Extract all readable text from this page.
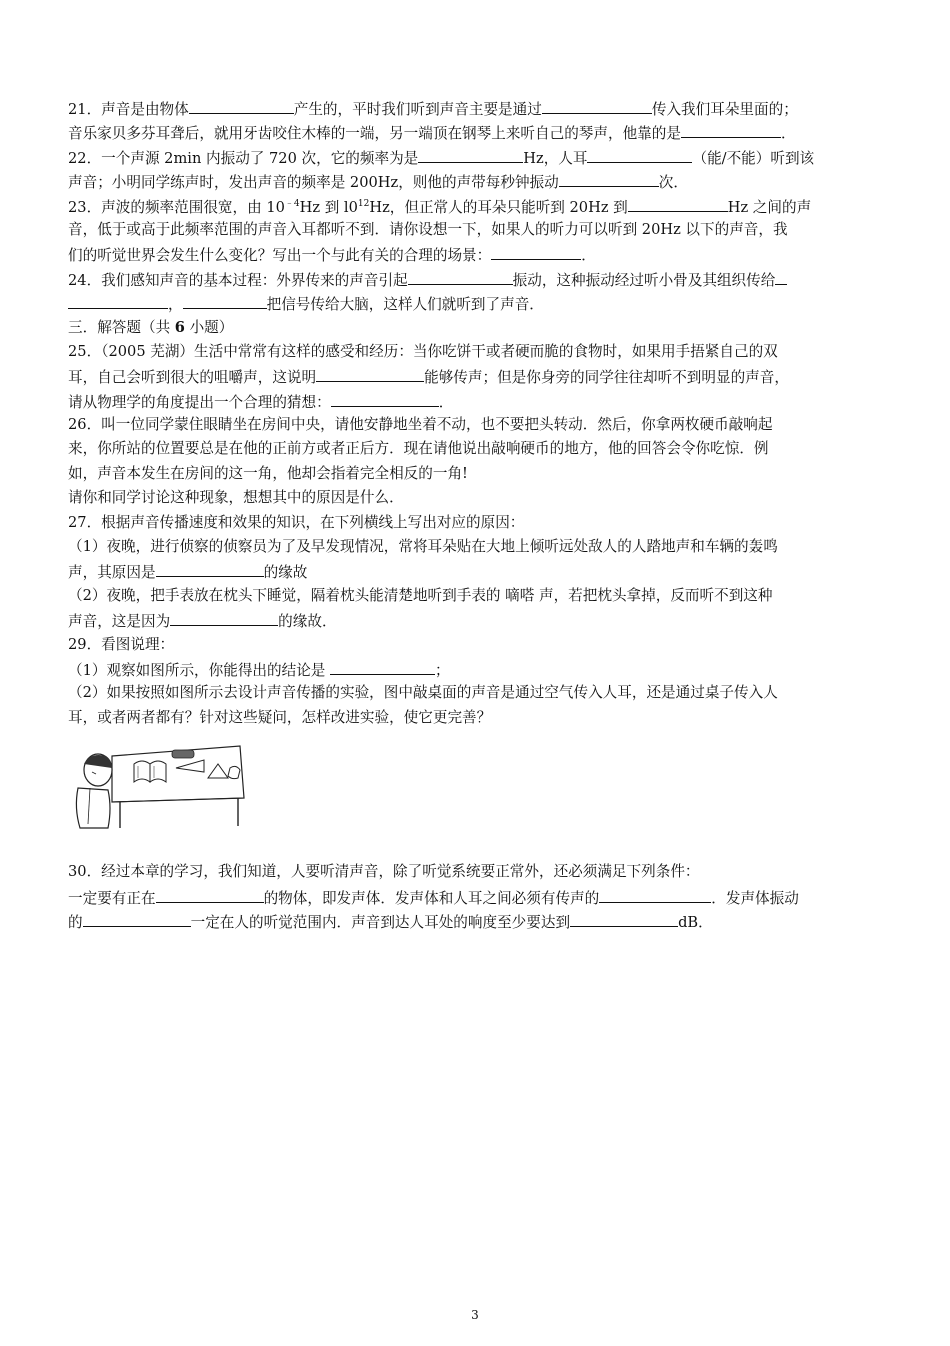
21．声音是由物体	产生的，平时我们听到声音主要是通过	传入我们耳朵里面的；
音乐家贝多芬耳聋后，就用牙齿咬住木棒的一端，另一端顶在钢琴上来听自己的琴声，他靠的是	．
22．一个声源 2min 内振动了 720 次，它的频率为是	Hz，人耳	（能/不能）听到该
声音；小明同学练声时，发出声音的频率是 200Hz，则他的声带每秒钟振动	次．
23．声波的频率范围很宽，由 $10^{﹣4}Hz$ 到 $l0^{12}Hz$，但正常人的耳朵只能听到 20Hz 到	Hz 之间的声
音，低于或高于此频率范围的声音入耳都听不到．请你设想一下，如果人的听力可以听到 20Hz 以下的声音，我
们的听觉世界会发生什么变化？写出一个与此有关的合理的场景：	．
24．我们感知声音的基本过程：外界传来的声音引起	振动，这种振动经过听小骨及其组织传给
，	把信号传给大脑，这样人们就听到了声音．
三．解答题（共 6 小题）
25．（2005 芜湖）生活中常常有这样的感受和经历：当你吃饼干或者硬而脆的食物时，如果用手捂紧自己的双
耳，自己会听到很大的咀嚼声，这说明	能够传声；但是你身旁的同学往往却听不到明显的声音，
请从物理学的角度提出一个合理的猜想：	．
26．叫一位同学蒙住眼睛坐在房间中央，请他安静地坐着不动，也不要把头转动．然后，你拿两枚硬币敲响起
来，你所站的位置要总是在他的正前方或者正后方．现在请他说出敲响硬币的地方，他的回答会令你吃惊．例
如，声音本发生在房间的这一角，他却会指着完全相反的一角!
请你和同学讨论这种现象，想想其中的原因是什么．
27．根据声音传播速度和效果的知识，在下列横线上写出对应的原因：
（1）夜晚，进行侦察的侦察员为了及早发现情况，常将耳朵贴在大地上倾听远处敌人的人踏地声和车辆的轰鸣
声，其原因是	的缘故
（2）夜晚，把手表放在枕头下睡觉，隔着枕头能清楚地听到手表的 嘀嗒 声，若把枕头拿掉，反而听不到这种
声音，这是因为	的缘故．
29．看图说理：
（1）观察如图所示，你能得出的结论是	；
（2）如果按照如图所示去设计声音传播的实验，图中敲桌面的声音是通过空气传入人耳，还是通过桌子传入人
耳，或者两者都有？针对这些疑问，怎样改进实验，使它更完善？
30．经过本章的学习，我们知道，人要听清声音，除了听觉系统要正常外，还必须满足下列条件：
一定要有正在	的物体，即发声体．发声体和人耳之间必须有传声的	．发声体振动
的	一定在人的听觉范围内．声音到达人耳处的响度至少要达到	dB．
3
